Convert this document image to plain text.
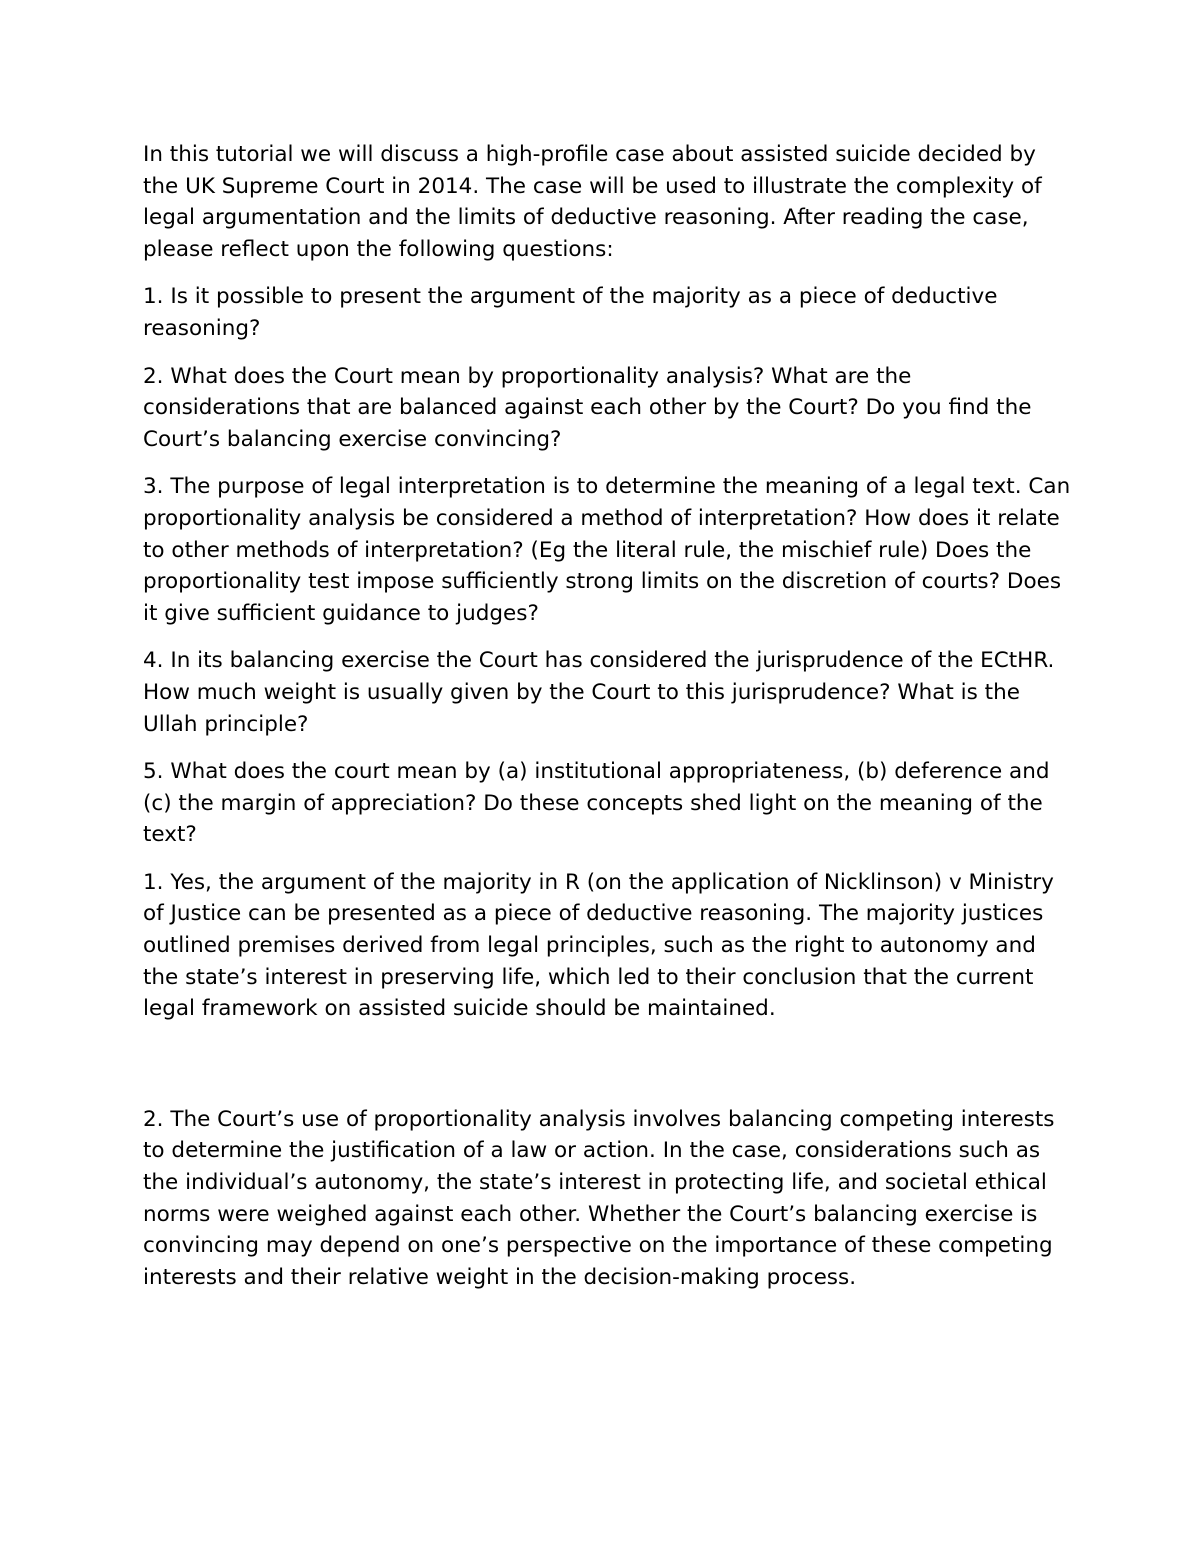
In this tutorial we will discuss a high-profile case about assisted suicide decided by the UK Supreme Court in 2014. The case will be used to illustrate the complexity of legal argumentation and the limits of deductive reasoning. After reading the case, please reflect upon the following questions:

1. Is it possible to present the argument of the majority as a piece of deductive reasoning?

2. What does the Court mean by proportionality analysis? What are the considerations that are balanced against each other by the Court? Do you find the Court’s balancing exercise convincing?

3. The purpose of legal interpretation is to determine the meaning of a legal text. Can proportionality analysis be considered a method of interpretation? How does it relate to other methods of interpretation? (Eg the literal rule, the mischief rule) Does the proportionality test impose sufficiently strong limits on the discretion of courts? Does it give sufficient guidance to judges?

4. In its balancing exercise the Court has considered the jurisprudence of the ECtHR. How much weight is usually given by the Court to this jurisprudence? What is the Ullah principle?

5. What does the court mean by (a) institutional appropriateness, (b) deference and (c) the margin of appreciation? Do these concepts shed light on the meaning of the text?

1. Yes, the argument of the majority in R (on the application of Nicklinson) v Ministry of Justice can be presented as a piece of deductive reasoning. The majority justices outlined premises derived from legal principles, such as the right to autonomy and the state’s interest in preserving life, which led to their conclusion that the current legal framework on assisted suicide should be maintained.

2. The Court’s use of proportionality analysis involves balancing competing interests to determine the justification of a law or action. In the case, considerations such as the individual’s autonomy, the state’s interest in protecting life, and societal ethical norms were weighed against each other. Whether the Court’s balancing exercise is convincing may depend on one’s perspective on the importance of these competing interests and their relative weight in the decision-making process.
